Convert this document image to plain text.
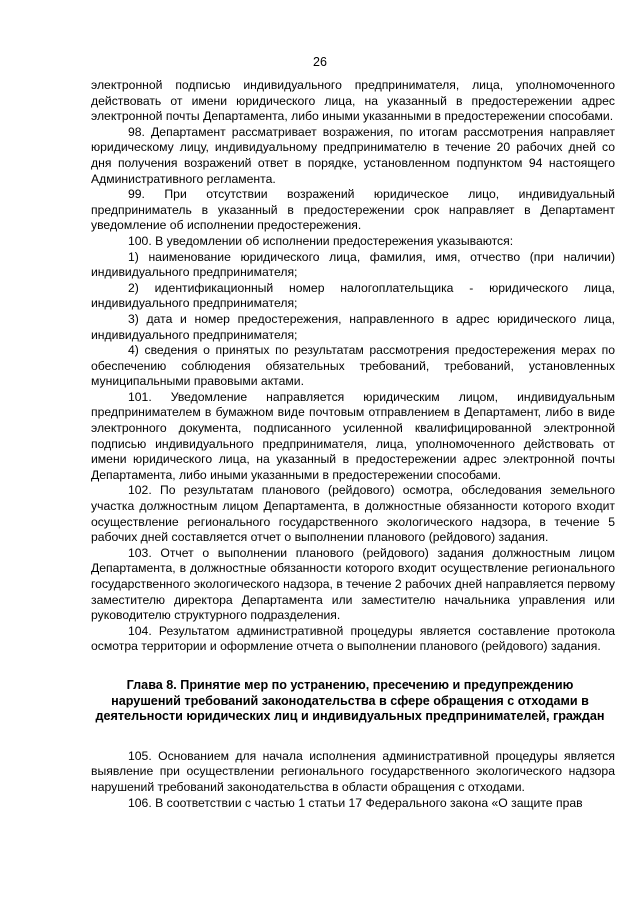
26

электронной подписью индивидуального предпринимателя, лица, уполномоченного действовать от имени юридического лица, на указанный в предостережении адрес электронной почты Департамента, либо иными указанными в предостережении способами.

98. Департамент рассматривает возражения, по итогам рассмотрения направляет юридическому лицу, индивидуальному предпринимателю в течение 20 рабочих дней со дня получения возражений ответ в порядке, установленном подпунктом 94 настоящего Административного регламента.

99. При отсутствии возражений юридическое лицо, индивидуальный предприниматель в указанный в предостережении срок направляет в Департамент уведомление об исполнении предостережения.

100. В уведомлении об исполнении предостережения указываются:

1) наименование юридического лица, фамилия, имя, отчество (при наличии) индивидуального предпринимателя;

2) идентификационный номер налогоплательщика - юридического лица, индивидуального предпринимателя;

3) дата и номер предостережения, направленного в адрес юридического лица, индивидуального предпринимателя;

4) сведения о принятых по результатам рассмотрения предостережения мерах по обеспечению соблюдения обязательных требований, требований, установленных муниципальными правовыми актами.

101. Уведомление направляется юридическим лицом, индивидуальным предпринимателем в бумажном виде почтовым отправлением в Департамент, либо в виде электронного документа, подписанного усиленной квалифицированной электронной подписью индивидуального предпринимателя, лица, уполномоченного действовать от имени юридического лица, на указанный в предостережении адрес электронной почты Департамента, либо иными указанными в предостережении способами.

102. По результатам планового (рейдового) осмотра, обследования земельного участка должностным лицом Департамента, в должностные обязанности которого входит осуществление регионального государственного экологического надзора, в течение 5 рабочих дней составляется отчет о выполнении планового (рейдового) задания.

103. Отчет о выполнении планового (рейдового) задания должностным лицом Департамента, в должностные обязанности которого входит осуществление регионального государственного экологического надзора, в течение 2 рабочих дней направляется первому заместителю директора Департамента или заместителю начальника управления или руководителю структурного подразделения.

104. Результатом административной процедуры является составление протокола осмотра территории и оформление отчета о выполнении планового (рейдового) задания.

Глава 8. Принятие мер по устранению, пресечению и предупреждению нарушений требований законодательства в сфере обращения с отходами в деятельности юридических лиц и индивидуальных предпринимателей, граждан

105. Основанием для начала исполнения административной процедуры является выявление при осуществлении регионального государственного экологического надзора нарушений требований законодательства в области обращения с отходами.

106. В соответствии с частью 1 статьи 17 Федерального закона «О защите прав
